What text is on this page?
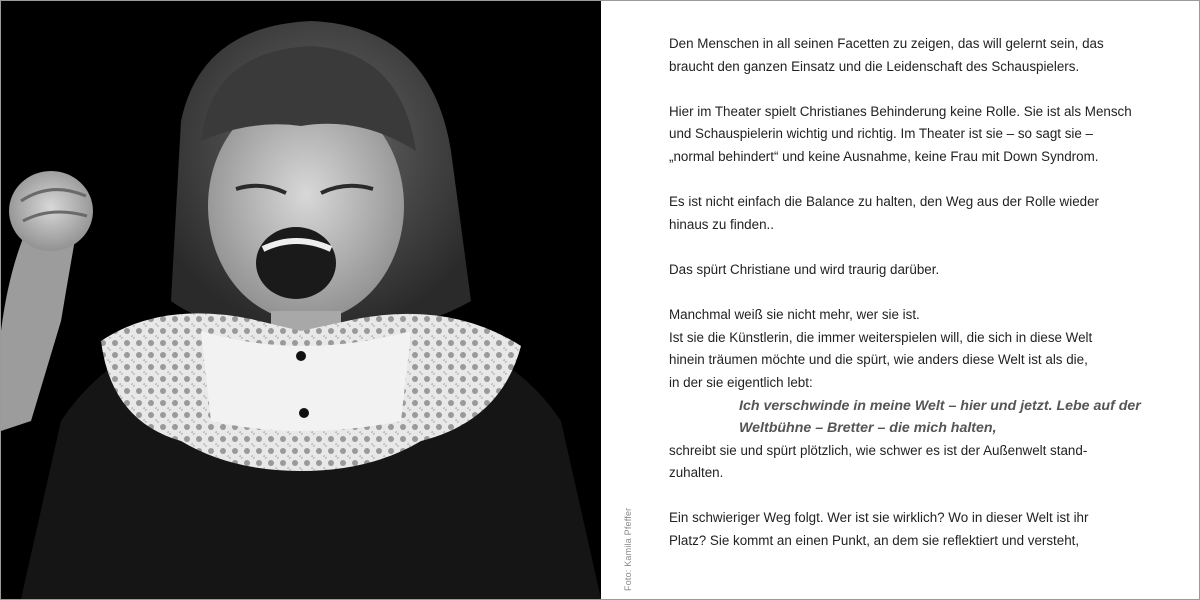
Foto: Kamila Pfeffer

Den Menschen in all seinen Facetten zu zeigen, das will gelernt sein, das
braucht den ganzen Einsatz und die Leidenschaft des Schauspielers.

Hier im Theater spielt Christianes Behinderung keine Rolle. Sie ist als Mensch
und Schauspielerin wichtig und richtig. Im Theater ist sie – so sagt sie –
„normal behindert“ und keine Ausnahme, keine Frau mit Down Syndrom.

Es ist nicht einfach die Balance zu halten, den Weg aus der Rolle wieder
hinaus zu finden..

Das spürt Christiane und wird traurig darüber.

Manchmal weiß sie nicht mehr, wer sie ist.
Ist sie die Künstlerin, die immer weiterspielen will, die sich in diese Welt
hinein träumen möchte und die spürt, wie anders diese Welt ist als die,
in der sie eigentlich lebt:

Ich verschwinde in meine Welt – hier und jetzt. Lebe auf der
Weltbühne – Bretter – die mich halten,

schreibt sie und spürt plötzlich, wie schwer es ist der Außenwelt stand-
zuhalten.

Ein schwieriger Weg folgt. Wer ist sie wirklich? Wo in dieser Welt ist ihr
Platz? Sie kommt an einen Punkt, an dem sie reflektiert und versteht,
